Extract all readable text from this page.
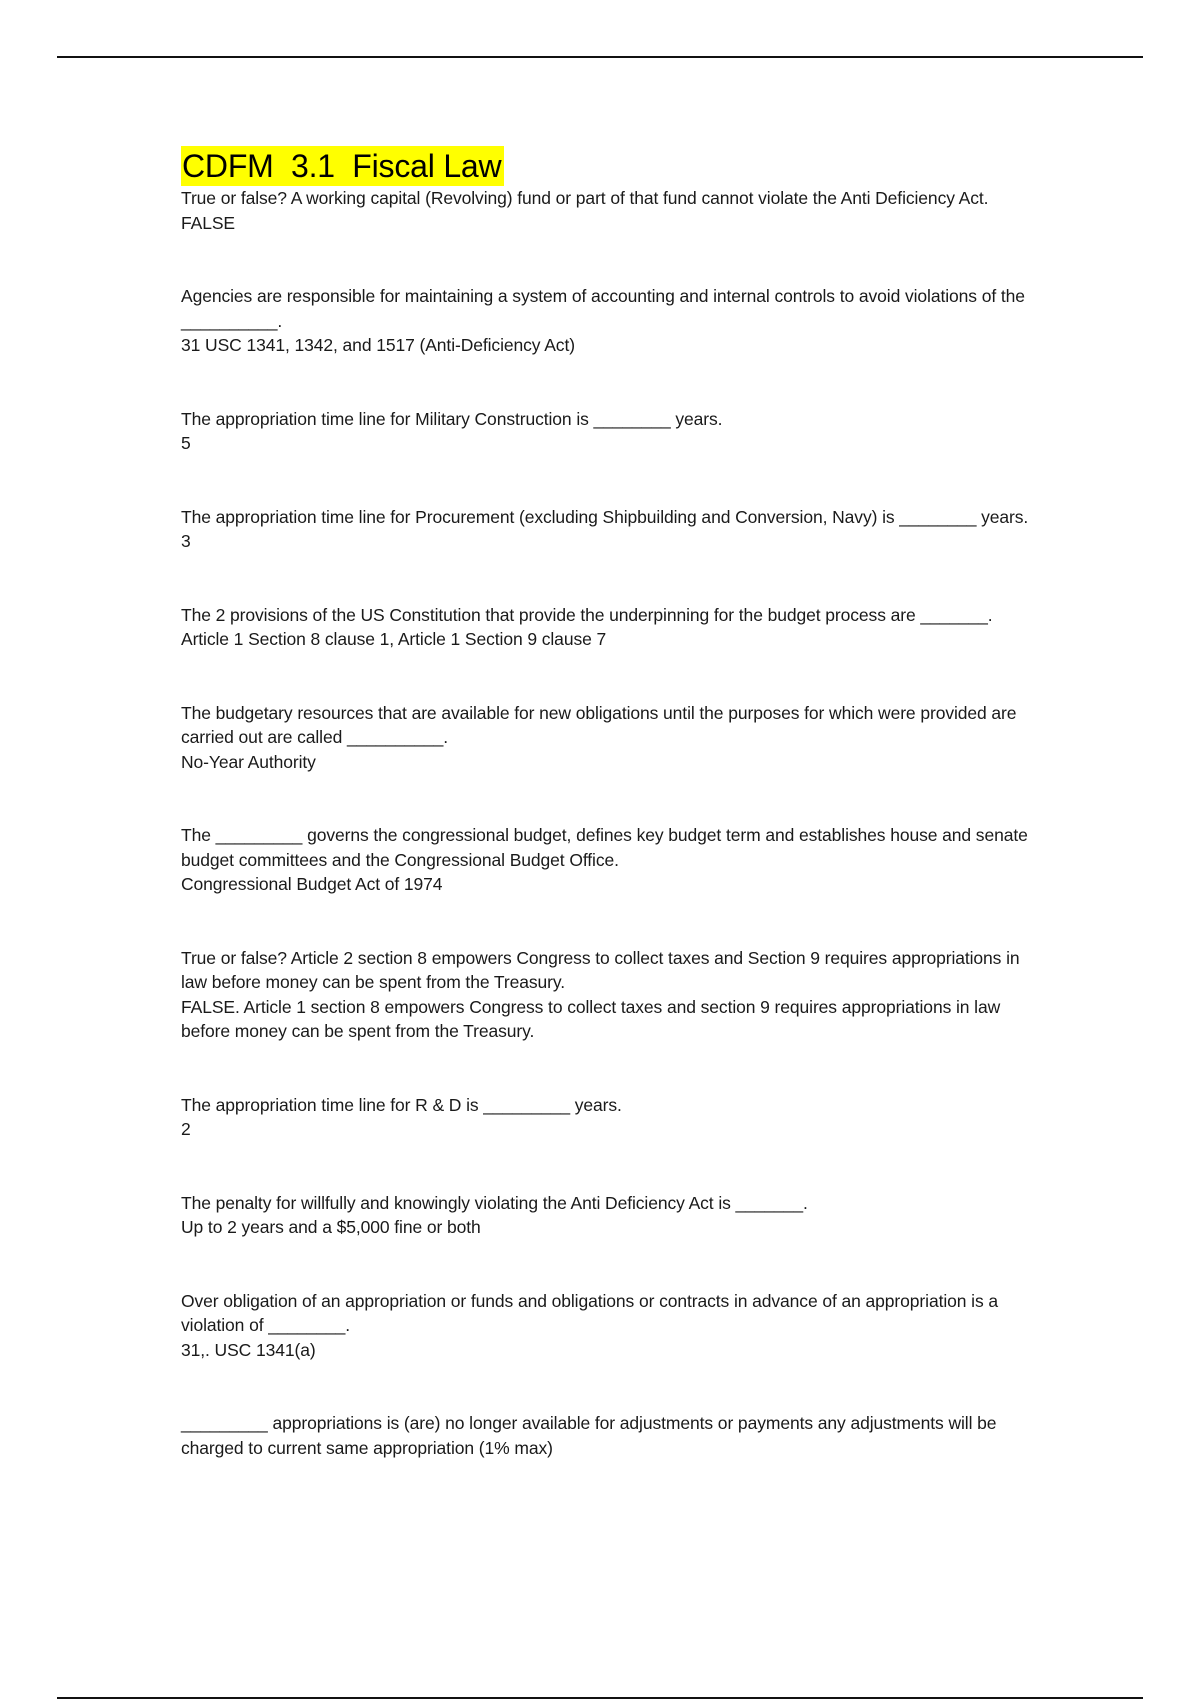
CDFM  3.1  Fiscal Law

True or false? A working capital (Revolving) fund or part of that fund cannot violate the Anti Deficiency Act.

FALSE

Agencies are responsible for maintaining a system of accounting and internal controls to avoid violations of the __________.

31 USC 1341, 1342, and 1517 (Anti-Deficiency Act)

The appropriation time line for Military Construction is ________ years.

5

The appropriation time line for Procurement (excluding Shipbuilding and Conversion, Navy) is ________ years.

3

The 2 provisions of the US Constitution that provide the underpinning for the budget process are _______.

Article 1 Section 8 clause 1, Article 1 Section 9 clause 7

The budgetary resources that are available for new obligations until the purposes for which were provided are carried out are called __________.

No-Year Authority

The _________ governs the congressional budget, defines key budget term and establishes house and senate budget committees and the Congressional Budget Office.

Congressional Budget Act of 1974

True or false? Article 2 section 8 empowers Congress to collect taxes and Section 9 requires appropriations in law before money can be spent from the Treasury.

FALSE. Article 1 section 8 empowers Congress to collect taxes and section 9 requires appropriations in law before money can be spent from the Treasury.

The appropriation time line for R & D is _________ years.

2

The penalty for willfully and knowingly violating the Anti Deficiency Act is _______.

Up to 2 years and a $5,000 fine or both

Over obligation of an appropriation or funds and obligations or contracts in advance of an appropriation is a violation of ________.

31,. USC 1341(a)

_________ appropriations is (are) no longer available for adjustments or payments any adjustments will be charged to current same appropriation (1% max)
